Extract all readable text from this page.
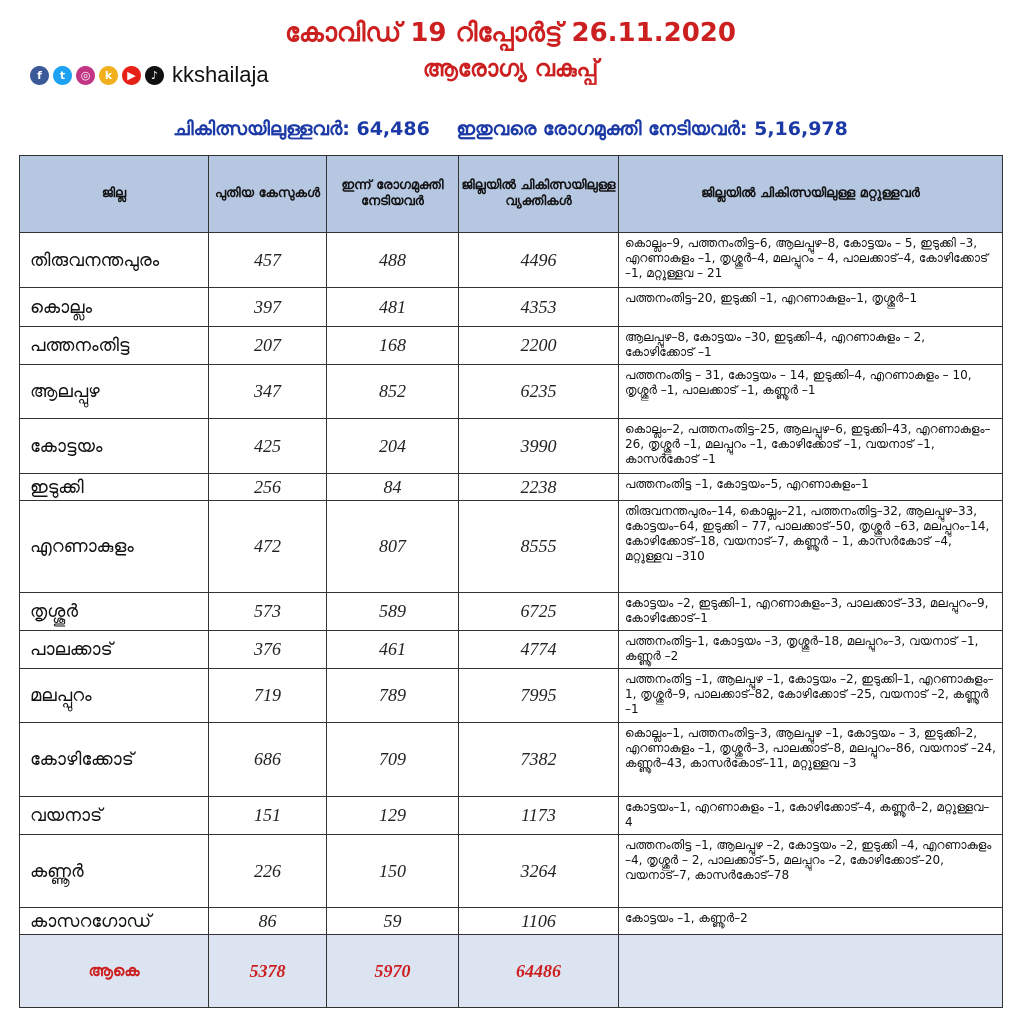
കോവിഡ് 19 റിപ്പോർട്ട് 26.11.2020
ആരോഗ്യ വകുപ്പ്
f	t	◎	k	▶	♪ kkshailaja
ചികിത്സയിലുള്ളവർ: 64,486 ഇതുവരെ രോഗമുക്തി നേടിയവർ: 5,16,978
ജില്ല	പുതിയ കേസുകൾ	ഇന്ന് രോഗമുക്തി നേടിയവർ	ജില്ലയിൽ ചികിത്സയിലുള്ള വ്യക്തികൾ	ജില്ലയിൽ ചികിത്സയിലുള്ള മറ്റുള്ളവർ
തിരുവനന്തപുരം	457	488	4496	കൊല്ലം–9, പത്തനംതിട്ട–6, ആലപ്പുഴ–8, കോട്ടയം – 5, ഇടുക്കി –3, എറണാകുളം –1, തൃശ്ശൂർ–4, മലപ്പുറം – 4, പാലക്കാട്–4, കോഴിക്കോട് –1, മറ്റുള്ളവ – 21
കൊല്ലം	397	481	4353	പത്തനംതിട്ട–20, ഇടുക്കി –1, എറണാകുളം–1, തൃശ്ശൂർ–1
പത്തനംതിട്ട	207	168	2200	ആലപ്പുഴ–8, കോട്ടയം –30, ഇടുക്കി–4, എറണാകുളം – 2, കോഴിക്കോട് –1
ആലപ്പുഴ	347	852	6235	പത്തനംതിട്ട – 31, കോട്ടയം – 14, ഇടുക്കി–4, എറണാകുളം – 10, തൃശ്ശൂർ –1, പാലക്കാട് –1, കണ്ണൂർ –1
കോട്ടയം	425	204	3990	കൊല്ലം–2, പത്തനംതിട്ട–25, ആലപ്പുഴ–6, ഇടുക്കി–43, എറണാകുളം–26, തൃശ്ശൂർ –1, മലപ്പുറം –1, കോഴിക്കോട് –1, വയനാട് –1, കാസർകോട് –1
ഇടുക്കി	256	84	2238	പത്തനംതിട്ട –1, കോട്ടയം–5, എറണാകുളം–1
എറണാകുളം	472	807	8555	തിരുവനന്തപുരം–14, കൊല്ലം–21, പത്തനംതിട്ട–32, ആലപ്പുഴ–33, കോട്ടയം–64, ഇടുക്കി – 77, പാലക്കാട്–50, തൃശ്ശൂർ –63, മലപ്പുറം–14, കോഴിക്കോട്–18, വയനാട്–7, കണ്ണൂർ – 1, കാസർകോട് –4, മറ്റുള്ളവ –310
തൃശ്ശൂർ	573	589	6725	കോട്ടയം –2, ഇടുക്കി–1, എറണാകുളം–3, പാലക്കാട്–33, മലപ്പുറം–9, കോഴിക്കോട്–1
പാലക്കാട്	376	461	4774	പത്തനംതിട്ട–1, കോട്ടയം –3, തൃശ്ശൂർ–18, മലപ്പുറം–3, വയനാട് –1, കണ്ണൂർ –2
മലപ്പുറം	719	789	7995	പത്തനംതിട്ട –1, ആലപ്പുഴ –1, കോട്ടയം –2, ഇടുക്കി–1, എറണാകുളം–1, തൃശ്ശൂർ–9, പാലക്കാട്–82, കോഴിക്കോട് –25, വയനാട് –2, കണ്ണൂർ –1
കോഴിക്കോട്	686	709	7382	കൊല്ലം–1, പത്തനംതിട്ട–3, ആലപ്പുഴ –1, കോട്ടയം – 3, ഇടുക്കി–2, എറണാകുളം –1, തൃശ്ശൂർ–3, പാലക്കാട്–8, മലപ്പുറം–86, വയനാട് –24, കണ്ണൂർ–43, കാസർകോട്–11, മറ്റുള്ളവ –3
വയനാട്	151	129	1173	കോട്ടയം–1, എറണാകുളം –1, കോഴിക്കോട്–4, കണ്ണൂർ–2, മറ്റുള്ളവ–4
കണ്ണൂർ	226	150	3264	പത്തനംതിട്ട –1, ആലപ്പുഴ –2, കോട്ടയം –2, ഇടുക്കി –4, എറണാകുളം –4, തൃശ്ശൂർ – 2, പാലക്കാട്–5, മലപ്പുറം –2, കോഴിക്കോട്–20, വയനാട്–7, കാസർകോട്–78
കാസറഗോഡ്	86	59	1106	കോട്ടയം –1, കണ്ണൂർ–2
ആകെ	5378	5970	64486	
